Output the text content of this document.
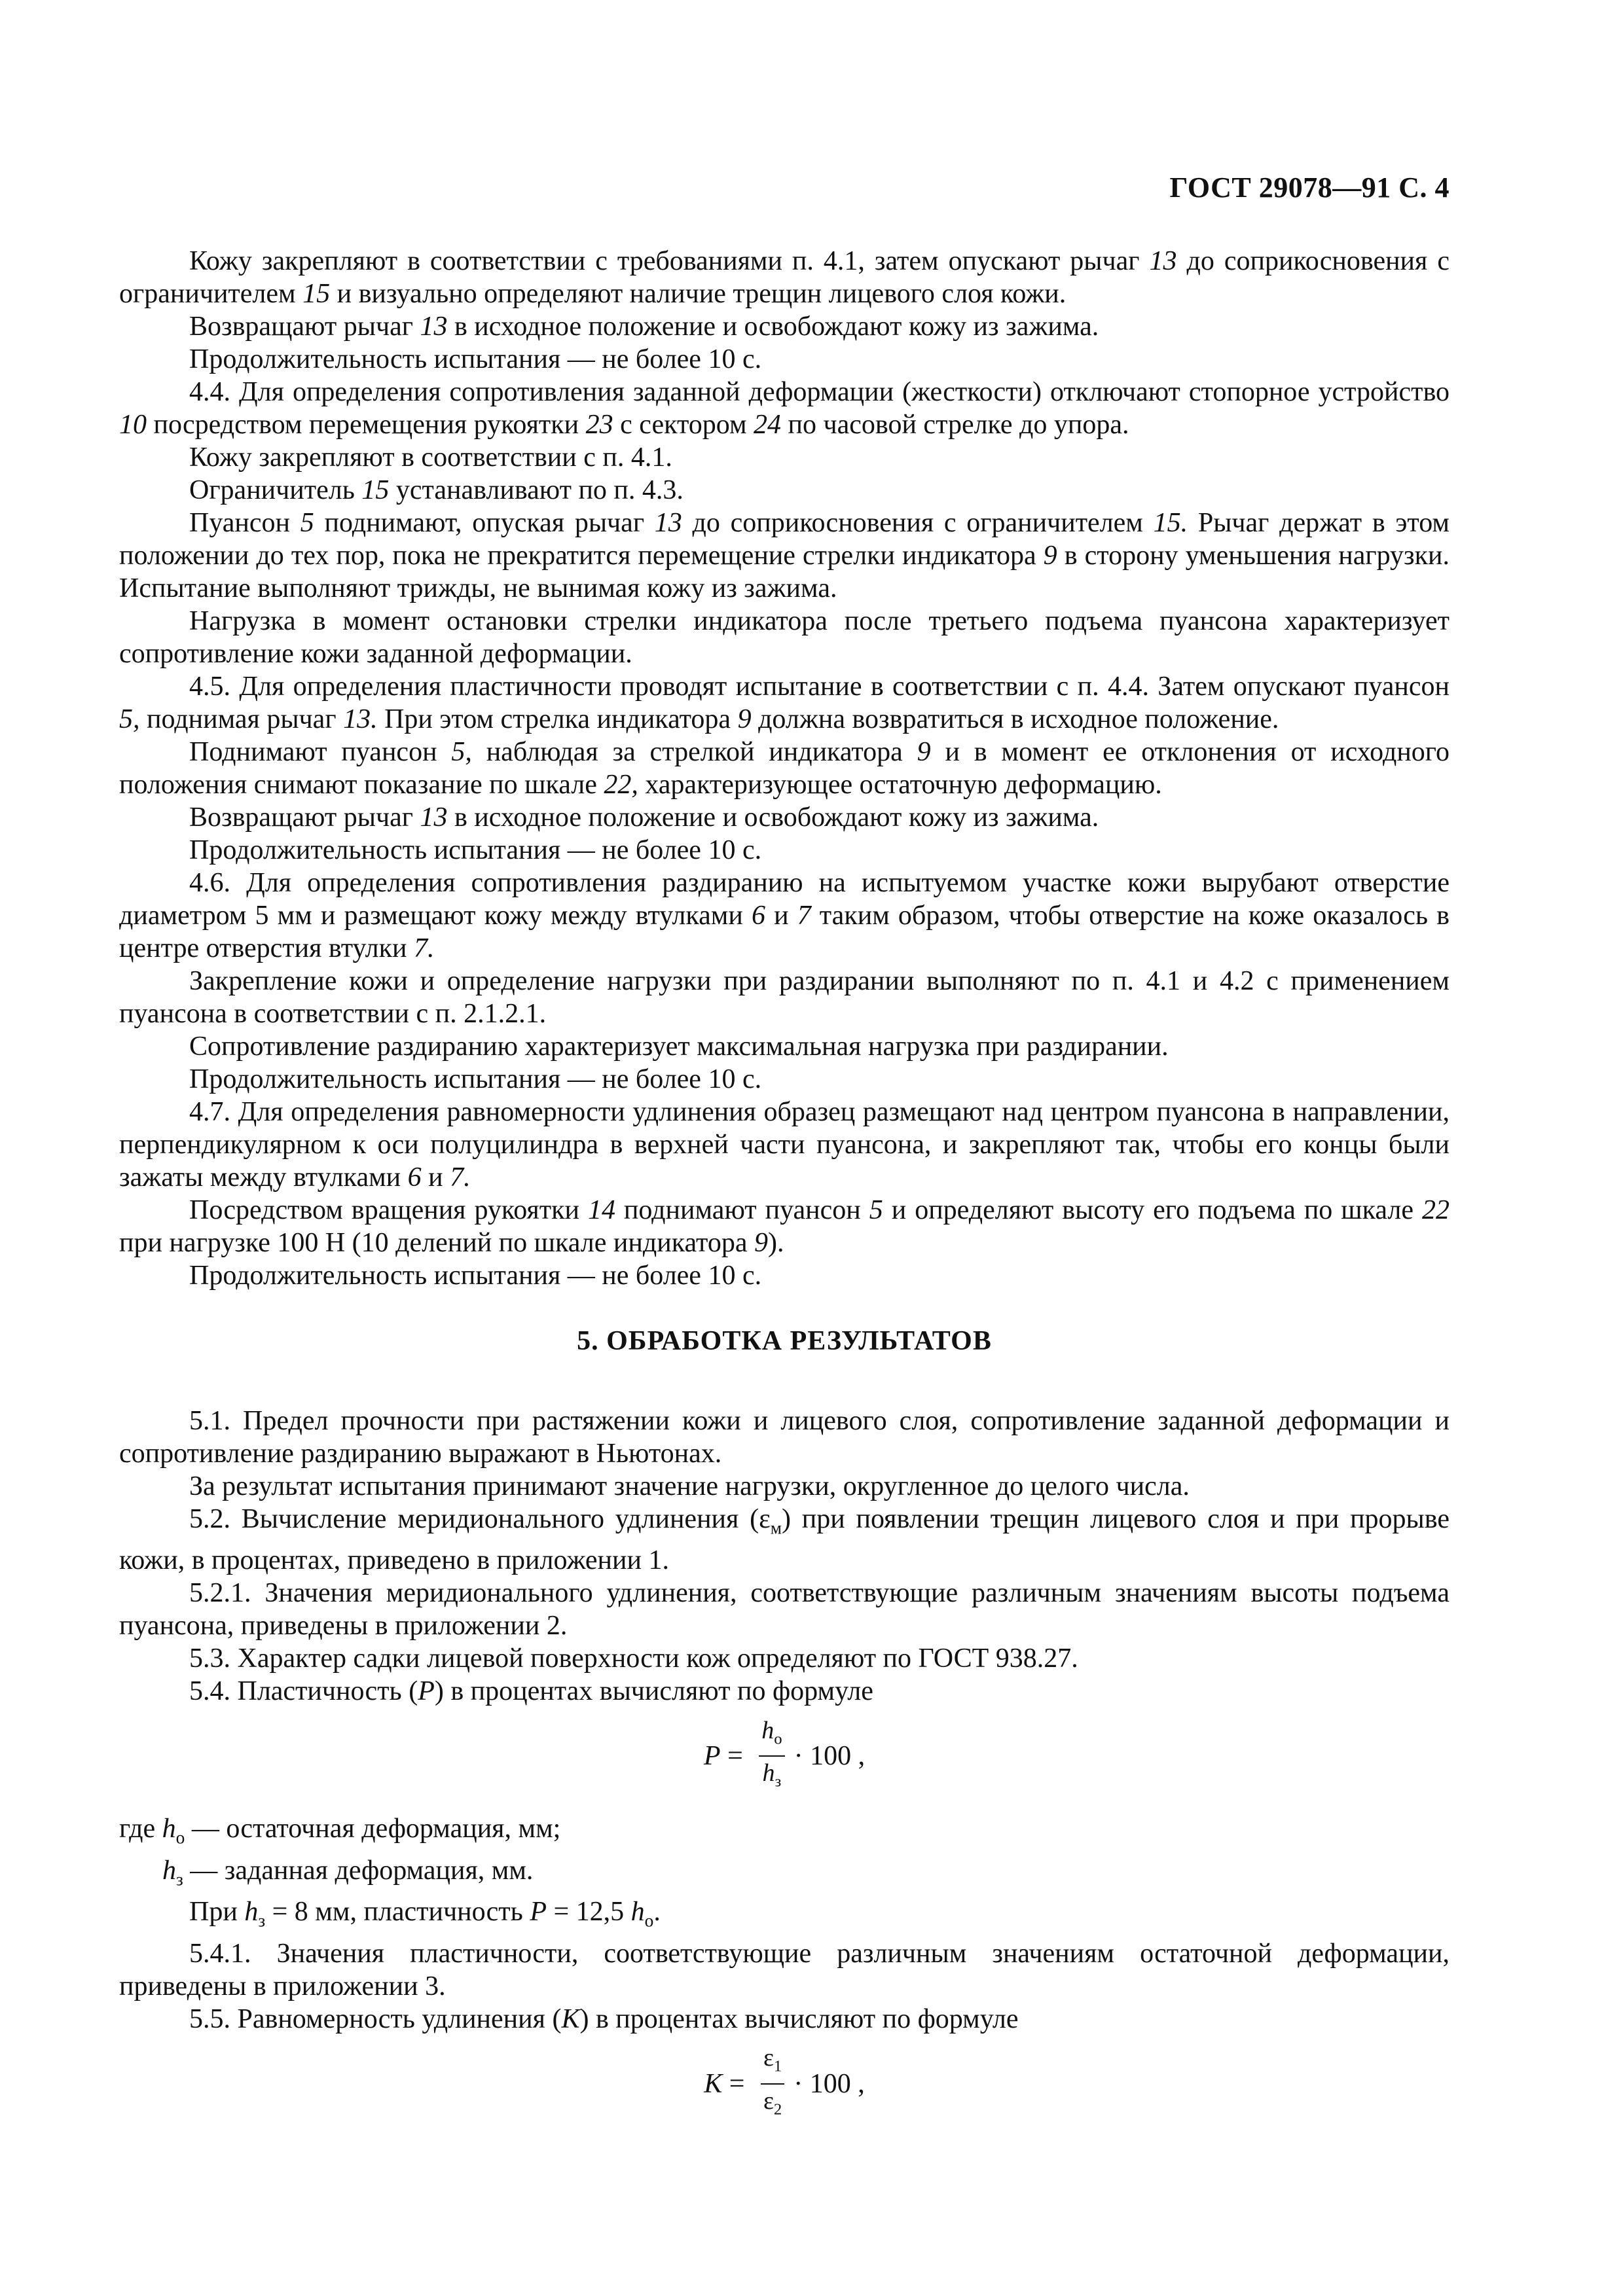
ГОСТ 29078—91 С. 4

Кожу закрепляют в соответствии с требованиями п. 4.1, затем опускают рычаг 13 до соприкосновения с ограничителем 15 и визуально определяют наличие трещин лицевого слоя кожи.

Возвращают рычаг 13 в исходное положение и освобождают кожу из зажима.

Продолжительность испытания — не более 10 с.

4.4. Для определения сопротивления заданной деформации (жесткости) отключают стопорное устройство 10 посредством перемещения рукоятки 23 с сектором 24 по часовой стрелке до упора.

Кожу закрепляют в соответствии с п. 4.1.

Ограничитель 15 устанавливают по п. 4.3.

Пуансон 5 поднимают, опуская рычаг 13 до соприкосновения с ограничителем 15. Рычаг держат в этом положении до тех пор, пока не прекратится перемещение стрелки индикатора 9 в сторону уменьшения нагрузки. Испытание выполняют трижды, не вынимая кожу из зажима.

Нагрузка в момент остановки стрелки индикатора после третьего подъема пуансона характеризует сопротивление кожи заданной деформации.

4.5. Для определения пластичности проводят испытание в соответствии с п. 4.4. Затем опускают пуансон 5, поднимая рычаг 13. При этом стрелка индикатора 9 должна возвратиться в исходное положение.

Поднимают пуансон 5, наблюдая за стрелкой индикатора 9 и в момент ее отклонения от исходного положения снимают показание по шкале 22, характеризующее остаточную деформацию.

Возвращают рычаг 13 в исходное положение и освобождают кожу из зажима.

Продолжительность испытания — не более 10 с.

4.6. Для определения сопротивления раздиранию на испытуемом участке кожи вырубают отверстие диаметром 5 мм и размещают кожу между втулками 6 и 7 таким образом, чтобы отверстие на коже оказалось в центре отверстия втулки 7.

Закрепление кожи и определение нагрузки при раздирании выполняют по п. 4.1 и 4.2 с применением пуансона в соответствии с п. 2.1.2.1.

Сопротивление раздиранию характеризует максимальная нагрузка при раздирании.

Продолжительность испытания — не более 10 с.

4.7. Для определения равномерности удлинения образец размещают над центром пуансона в направлении, перпендикулярном к оси полуцилиндра в верхней части пуансона, и закрепляют так, чтобы его концы были зажаты между втулками 6 и 7.

Посредством вращения рукоятки 14 поднимают пуансон 5 и определяют высоту его подъема по шкале 22 при нагрузке 100 Н (10 делений по шкале индикатора 9).

Продолжительность испытания — не более 10 с.

5. ОБРАБОТКА РЕЗУЛЬТАТОВ

5.1. Предел прочности при растяжении кожи и лицевого слоя, сопротивление заданной деформации и сопротивление раздиранию выражают в Ньютонах.

За результат испытания принимают значение нагрузки, округленное до целого числа.

5.2. Вычисление меридионального удлинения $(\varepsilon_м)$ при появлении трещин лицевого слоя и при прорыве кожи, в процентах, приведено в приложении 1.

5.2.1. Значения меридионального удлинения, соответствующие различным значениям высоты подъема пуансона, приведены в приложении 2.

5.3. Характер садки лицевой поверхности кож определяют по ГОСТ 938.27.

5.4. Пластичность (P) в процентах вычисляют по формуле

$P = \frac{h_o}{h_з} \cdot 100$ ,

где $h_о$ — остаточная деформация, мм;

$h_з$ — заданная деформация, мм.

При $h_з = 8$ мм, пластичность P = 12,5 $h_о$.

5.4.1. Значения пластичности, соответствующие различным значениям остаточной деформации, приведены в приложении 3.

5.5. Равномерность удлинения (K) в процентах вычисляют по формуле

$K = \frac{\varepsilon_1}{\varepsilon_2} \cdot 100$ ,
